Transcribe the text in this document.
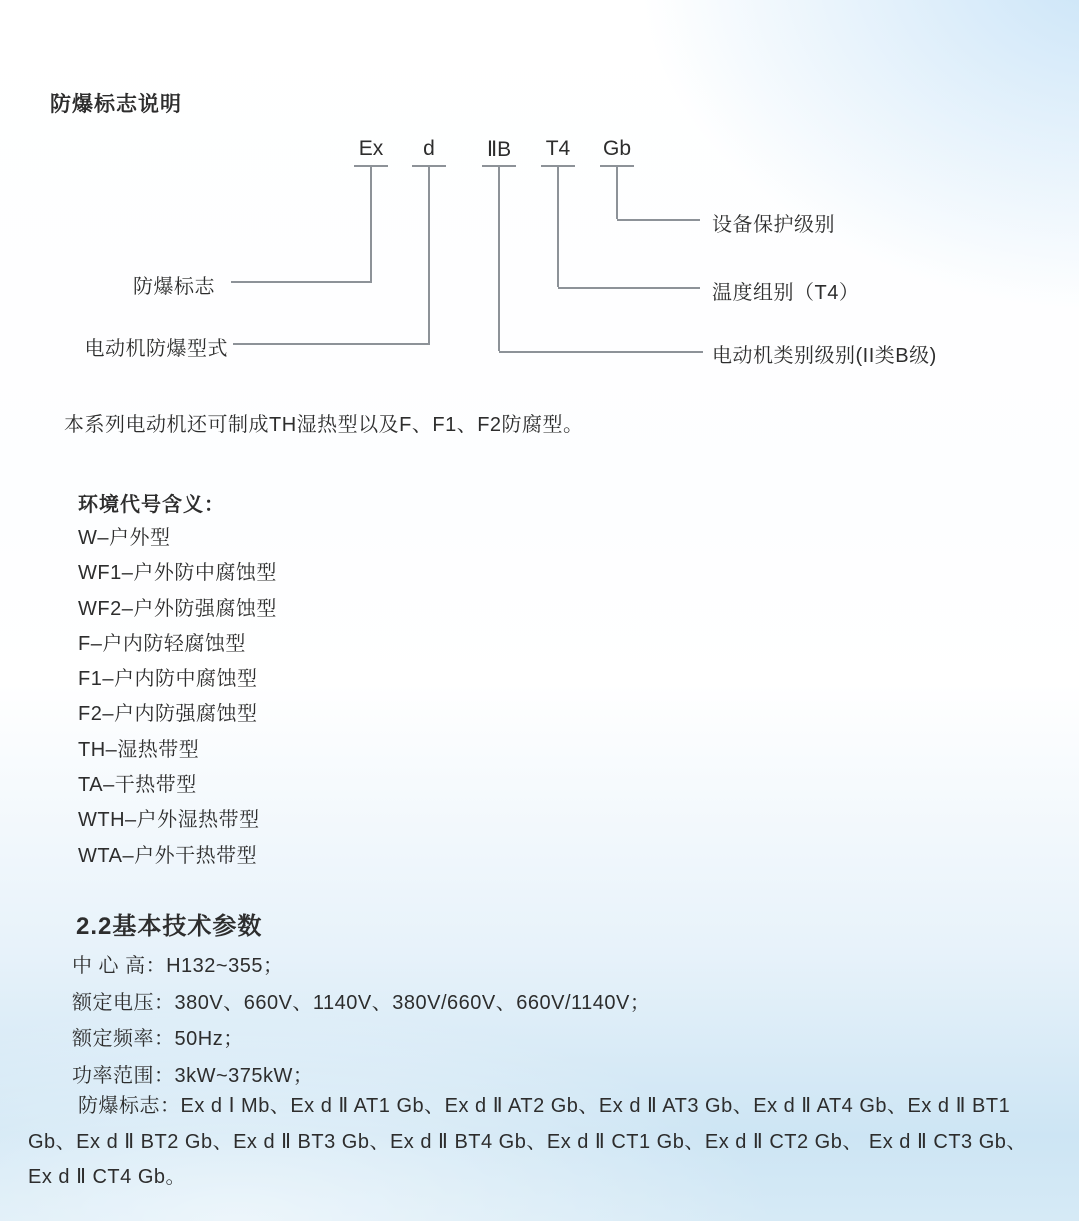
防爆标志说明
Ex	d	ⅡB	T4	Gb
设备保护级别
温度组别（T4）
电动机类别级别(II类B级)
防爆标志
电动机防爆型式
本系列电动机还可制成TH湿热型以及F、F1、F2防腐型。
环境代号含义：
W–户外型
WF1–户外防中腐蚀型
WF2–户外防强腐蚀型
F–户内防轻腐蚀型
F1–户内防中腐蚀型
F2–户内防强腐蚀型
TH–湿热带型
TA–干热带型
WTH–户外湿热带型
WTA–户外干热带型
2.2基本技术参数
中 心 高：H132~355；
额定电压：380V、660V、1140V、380V/660V、660V/1140V；
额定频率：50Hz；
功率范围：3kW~375kW；
防爆标志：Ex d Ⅰ Mb、Ex d Ⅱ AT1 Gb、Ex d Ⅱ AT2 Gb、Ex d Ⅱ AT3 Gb、Ex d Ⅱ AT4 Gb、Ex d Ⅱ BT1
Gb、Ex d Ⅱ BT2 Gb、Ex d Ⅱ BT3 Gb、Ex d Ⅱ BT4 Gb、Ex d Ⅱ CT1 Gb、Ex d Ⅱ CT2 Gb、 Ex d Ⅱ CT3 Gb、
Ex d Ⅱ CT4 Gb。
